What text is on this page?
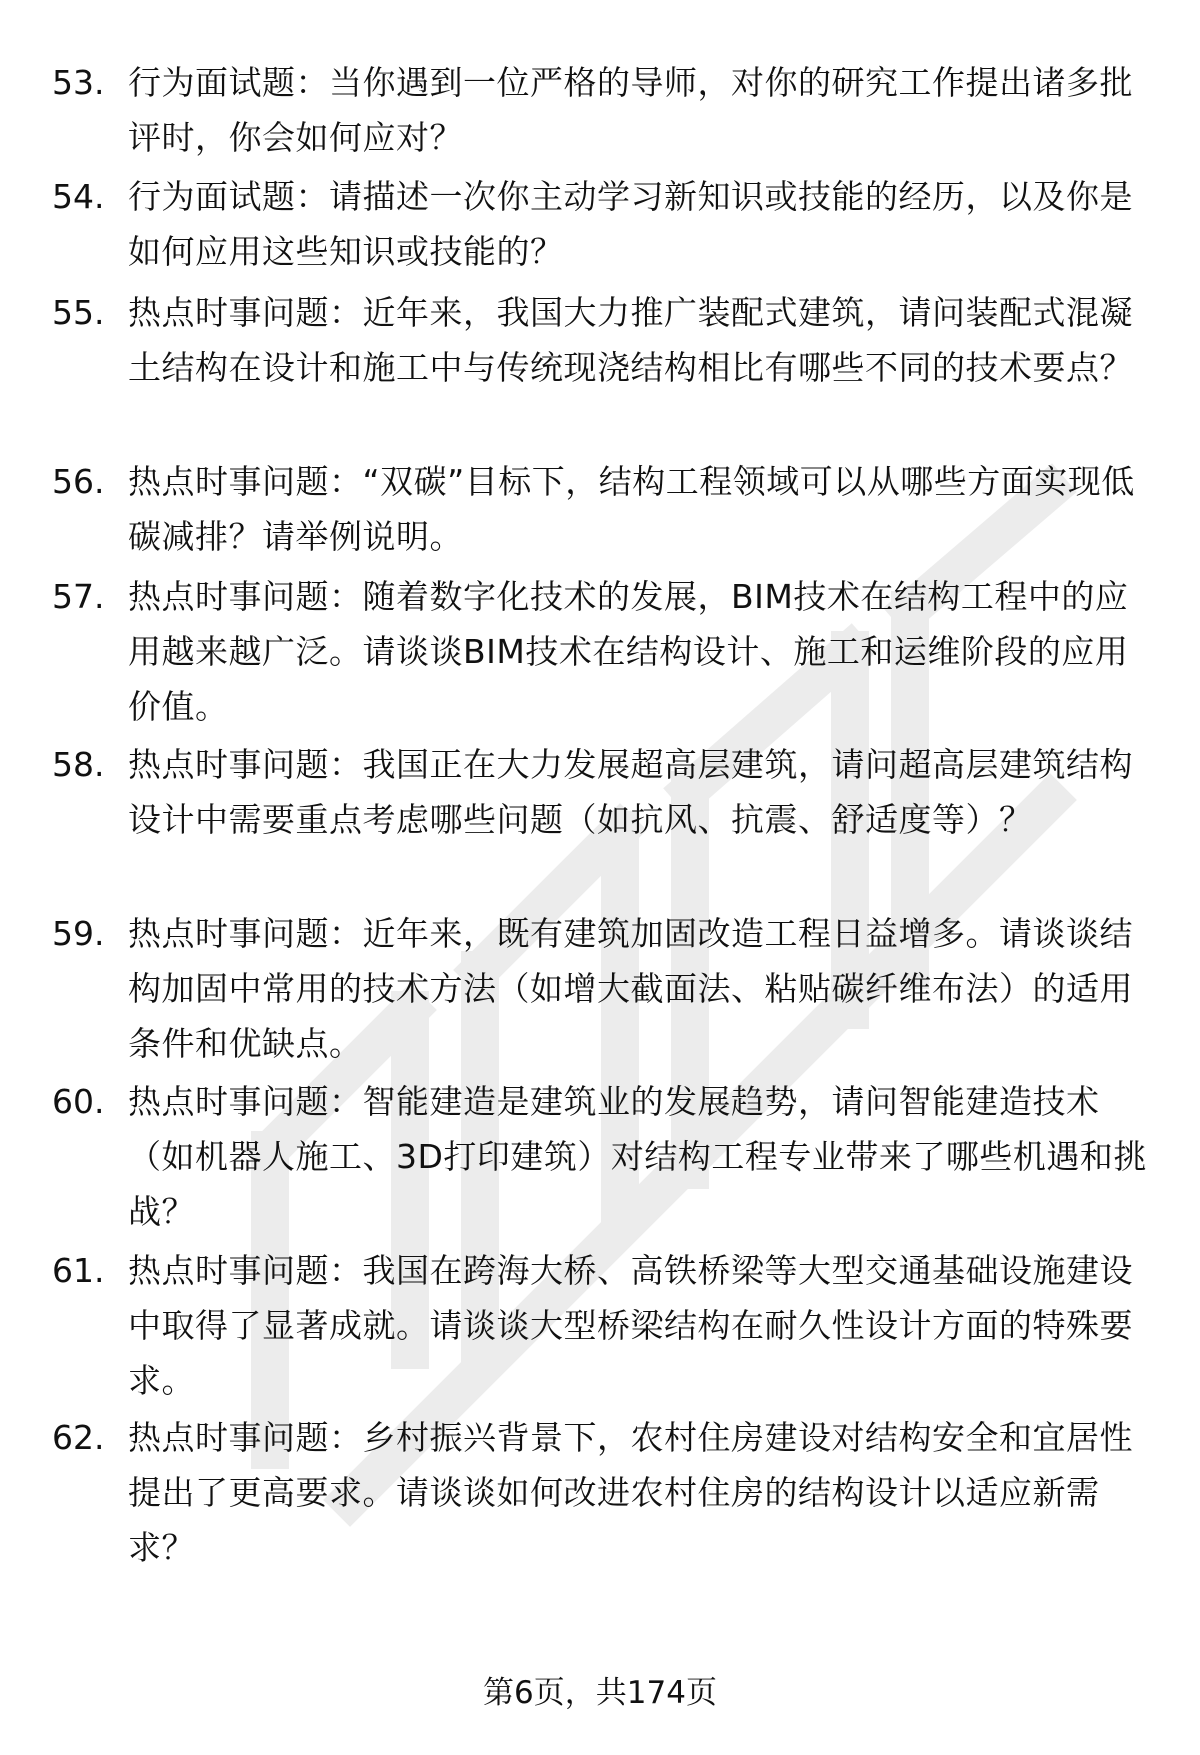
53. 行为面试题：当你遇到一位严格的导师，对你的研究工作提出诸多批评时，你会如何应对？
54. 行为面试题：请描述一次你主动学习新知识或技能的经历，以及你是如何应用这些知识或技能的？
55. 热点时事问题：近年来，我国大力推广装配式建筑，请问装配式混凝土结构在设计和施工中与传统现浇结构相比有哪些不同的技术要点？
56. 热点时事问题：“双碳”目标下，结构工程领域可以从哪些方面实现低碳减排？请举例说明。
57. 热点时事问题：随着数字化技术的发展，BIM技术在结构工程中的应用越来越广泛。请谈谈BIM技术在结构设计、施工和运维阶段的应用价值。
58. 热点时事问题：我国正在大力发展超高层建筑，请问超高层建筑结构设计中需要重点考虑哪些问题（如抗风、抗震、舒适度等）？
59. 热点时事问题：近年来，既有建筑加固改造工程日益增多。请谈谈结构加固中常用的技术方法（如增大截面法、粘贴碳纤维布法）的适用条件和优缺点。
60. 热点时事问题：智能建造是建筑业的发展趋势，请问智能建造技术（如机器人施工、3D打印建筑）对结构工程专业带来了哪些机遇和挑战？
61. 热点时事问题：我国在跨海大桥、高铁桥梁等大型交通基础设施建设中取得了显著成就。请谈谈大型桥梁结构在耐久性设计方面的特殊要求。
62. 热点时事问题：乡村振兴背景下，农村住房建设对结构安全和宜居性提出了更高要求。请谈谈如何改进农村住房的结构设计以适应新需求？
第6页，共174页
